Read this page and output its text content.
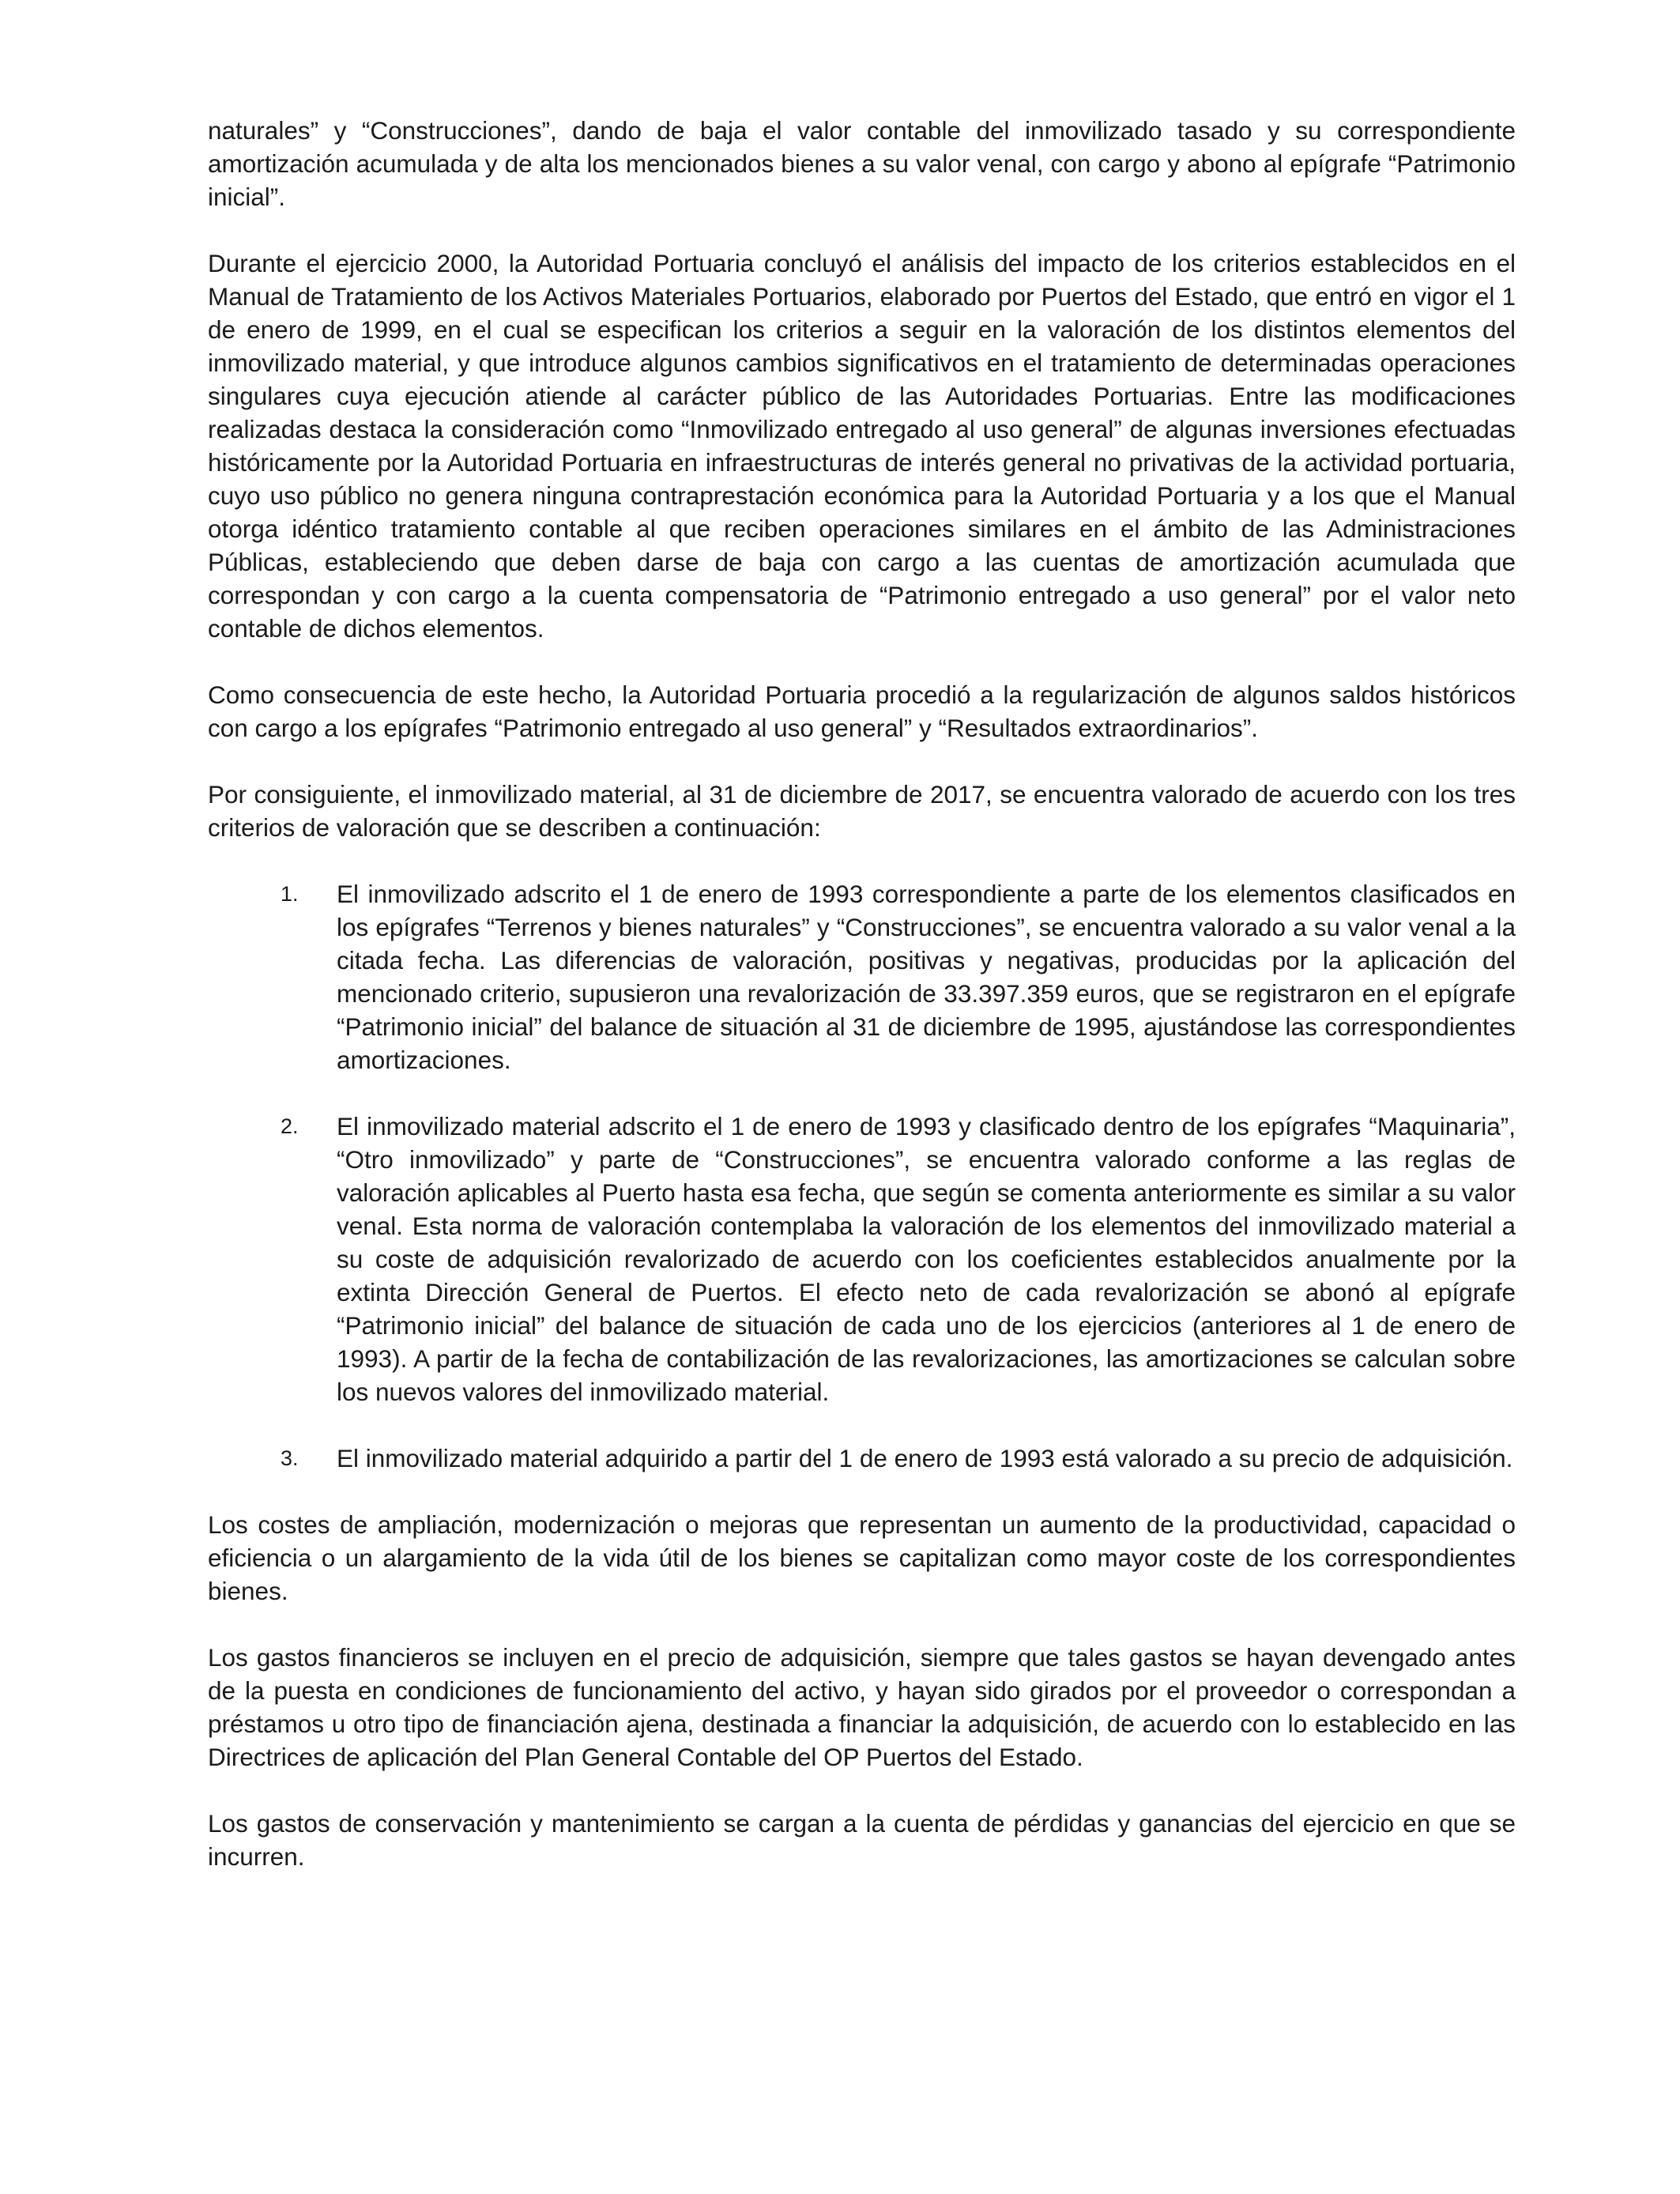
naturales” y “Construcciones”, dando de baja el valor contable del inmovilizado tasado y su correspondiente amortización acumulada y de alta los mencionados bienes a su valor venal, con cargo y abono al epígrafe “Patrimonio inicial”.

Durante el ejercicio 2000, la Autoridad Portuaria concluyó el análisis del impacto de los criterios establecidos en el Manual de Tratamiento de los Activos Materiales Portuarios, elaborado por Puertos del Estado, que entró en vigor el 1 de enero de 1999, en el cual se especifican los criterios a seguir en la valoración de los distintos elementos del inmovilizado material, y que introduce algunos cambios significativos en el tratamiento de determinadas operaciones singulares cuya ejecución atiende al carácter público de las Autoridades Portuarias. Entre las modificaciones realizadas destaca la consideración como “Inmovilizado entregado al uso general” de algunas inversiones efectuadas históricamente por la Autoridad Portuaria en infraestructuras de interés general no privativas de la actividad portuaria, cuyo uso público no genera ninguna contraprestación económica para la Autoridad Portuaria y a los que el Manual otorga idéntico tratamiento contable al que reciben operaciones similares en el ámbito de las Administraciones Públicas, estableciendo que deben darse de baja con cargo a las cuentas de amortización acumulada que correspondan y con cargo a la cuenta compensatoria de “Patrimonio entregado a uso general” por el valor neto contable de dichos elementos.

Como consecuencia de este hecho, la Autoridad Portuaria procedió a la regularización de algunos saldos históricos con cargo a los epígrafes “Patrimonio entregado al uso general” y “Resultados extraordinarios”.

Por consiguiente, el inmovilizado material, al 31 de diciembre de 2017, se encuentra valorado de acuerdo con los tres criterios de valoración que se describen a continuación:

1. El inmovilizado adscrito el 1 de enero de 1993 correspondiente a parte de los elementos clasificados en los epígrafes “Terrenos y bienes naturales” y “Construcciones”, se encuentra valorado a su valor venal a la citada fecha. Las diferencias de valoración, positivas y negativas, producidas por la aplicación del mencionado criterio, supusieron una revalorización de 33.397.359 euros, que se registraron en el epígrafe “Patrimonio inicial” del balance de situación al 31 de diciembre de 1995, ajustándose las correspondientes amortizaciones.
2. El inmovilizado material adscrito el 1 de enero de 1993 y clasificado dentro de los epígrafes “Maquinaria”, “Otro inmovilizado” y parte de “Construcciones”, se encuentra valorado conforme a las reglas de valoración aplicables al Puerto hasta esa fecha, que según se comenta anteriormente es similar a su valor venal. Esta norma de valoración contemplaba la valoración de los elementos del inmovilizado material a su coste de adquisición revalorizado de acuerdo con los coeficientes establecidos anualmente por la extinta Dirección General de Puertos. El efecto neto de cada revalorización se abonó al epígrafe “Patrimonio inicial” del balance de situación de cada uno de los ejercicios (anteriores al 1 de enero de 1993). A partir de la fecha de contabilización de las revalorizaciones, las amortizaciones se calculan sobre los nuevos valores del inmovilizado material.
3. El inmovilizado material adquirido a partir del 1 de enero de 1993 está valorado a su precio de adquisición.

Los costes de ampliación, modernización o mejoras que representan un aumento de la productividad, capacidad o eficiencia o un alargamiento de la vida útil de los bienes se capitalizan como mayor coste de los correspondientes bienes.

Los gastos financieros se incluyen en el precio de adquisición, siempre que tales gastos se hayan devengado antes de la puesta en condiciones de funcionamiento del activo, y hayan sido girados por el proveedor o correspondan a préstamos u otro tipo de financiación ajena, destinada a financiar la adquisición, de acuerdo con lo establecido en las Directrices de aplicación del Plan General Contable del OP Puertos del Estado.

Los gastos de conservación y mantenimiento se cargan a la cuenta de pérdidas y ganancias del ejercicio en que se incurren.
